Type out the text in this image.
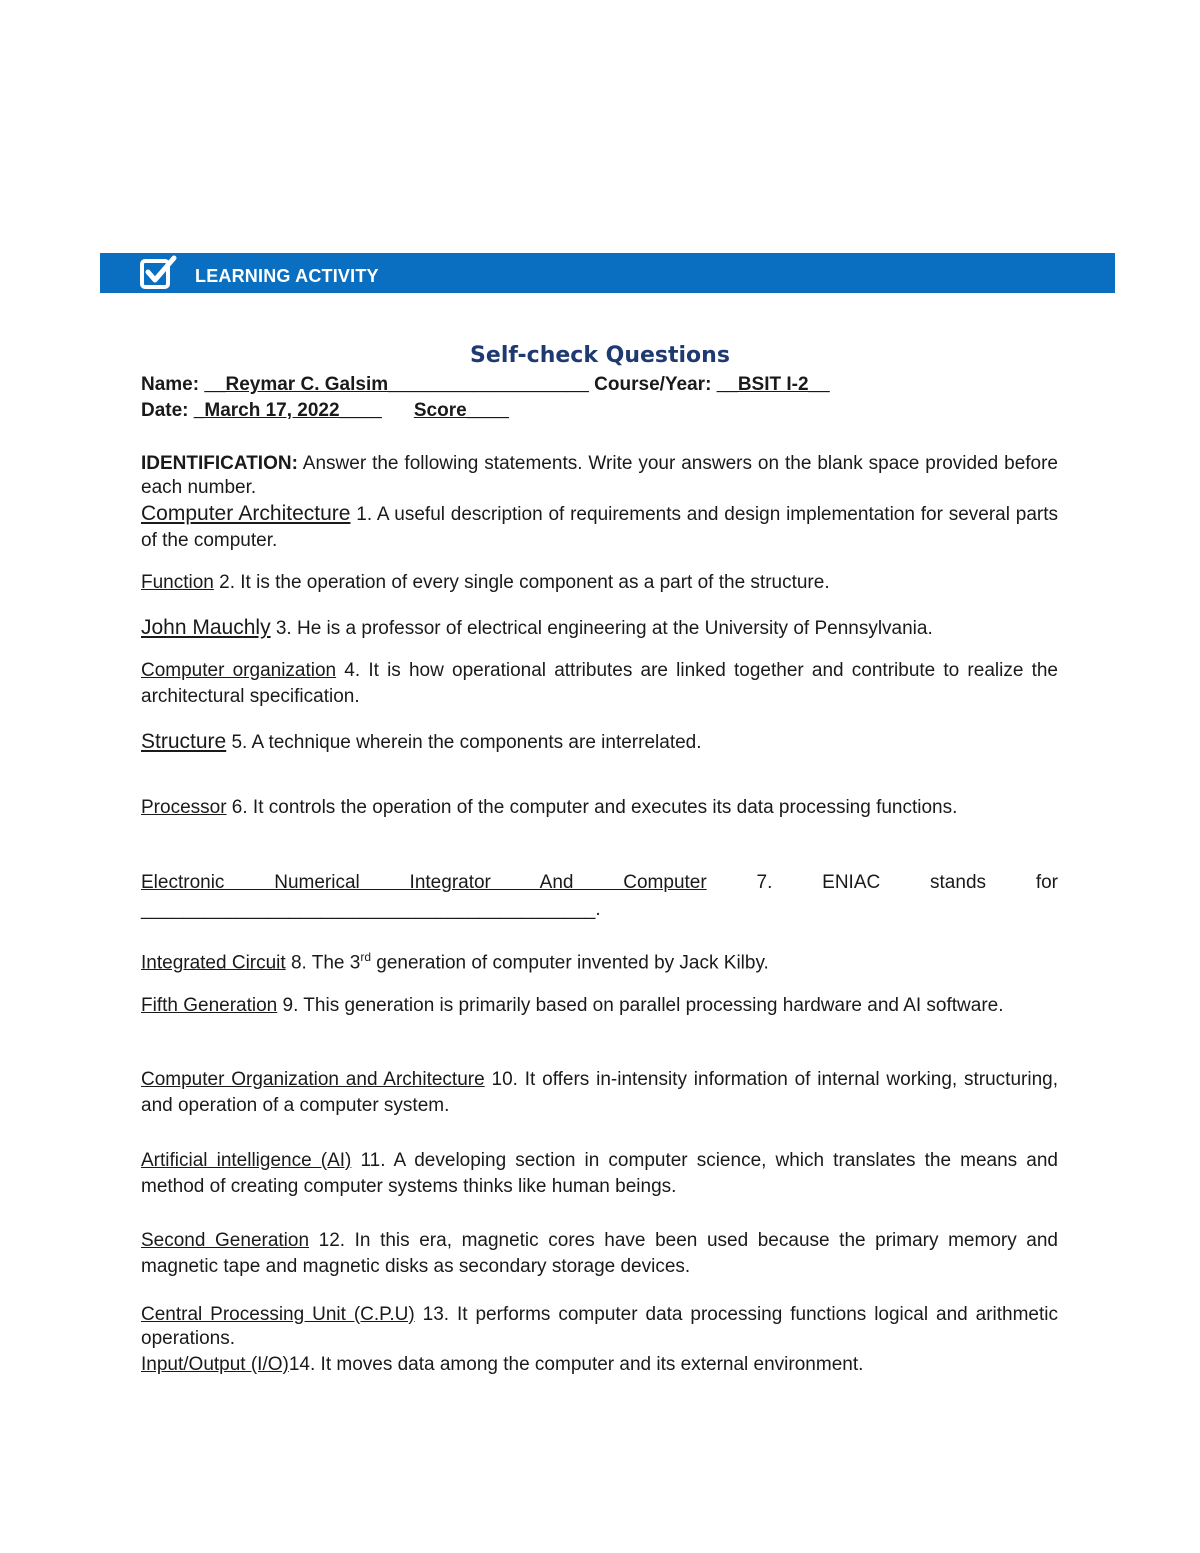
LEARNING ACTIVITY
Self-check Questions
Name: __Reymar C. Galsim___________________ Course/Year: __BSIT I-2__
Date: _March 17, 2022____ Score____
IDENTIFICATION: Answer the following statements. Write your answers on the blank space provided before each number.
Computer Architecture 1. A useful description of requirements and design implementation for several parts of the computer.
Function 2. It is the operation of every single component as a part of the structure.
John Mauchly 3. He is a professor of electrical engineering at the University of Pennsylvania.
Computer organization 4. It is how operational attributes are linked together and contribute to realize the architectural specification.
Structure 5. A technique wherein the components are interrelated.
Processor 6. It controls the operation of the computer and executes its data processing functions.
Electronic Numerical Integrator And Computer 7. ENIAC stands for ___________________________________________.
Integrated Circuit 8. The 3rd generation of computer invented by Jack Kilby.
Fifth Generation 9. This generation is primarily based on parallel processing hardware and AI software.
Computer Organization and Architecture 10. It offers in-intensity information of internal working, structuring, and operation of a computer system.
Artificial intelligence (AI) 11. A developing section in computer science, which translates the means and method of creating computer systems thinks like human beings.
Second Generation 12. In this era, magnetic cores have been used because the primary memory and magnetic tape and magnetic disks as secondary storage devices.
Central Processing Unit (C.P.U) 13. It performs computer data processing functions logical and arithmetic operations.
Input/Output (I/O)14. It moves data among the computer and its external environment.
